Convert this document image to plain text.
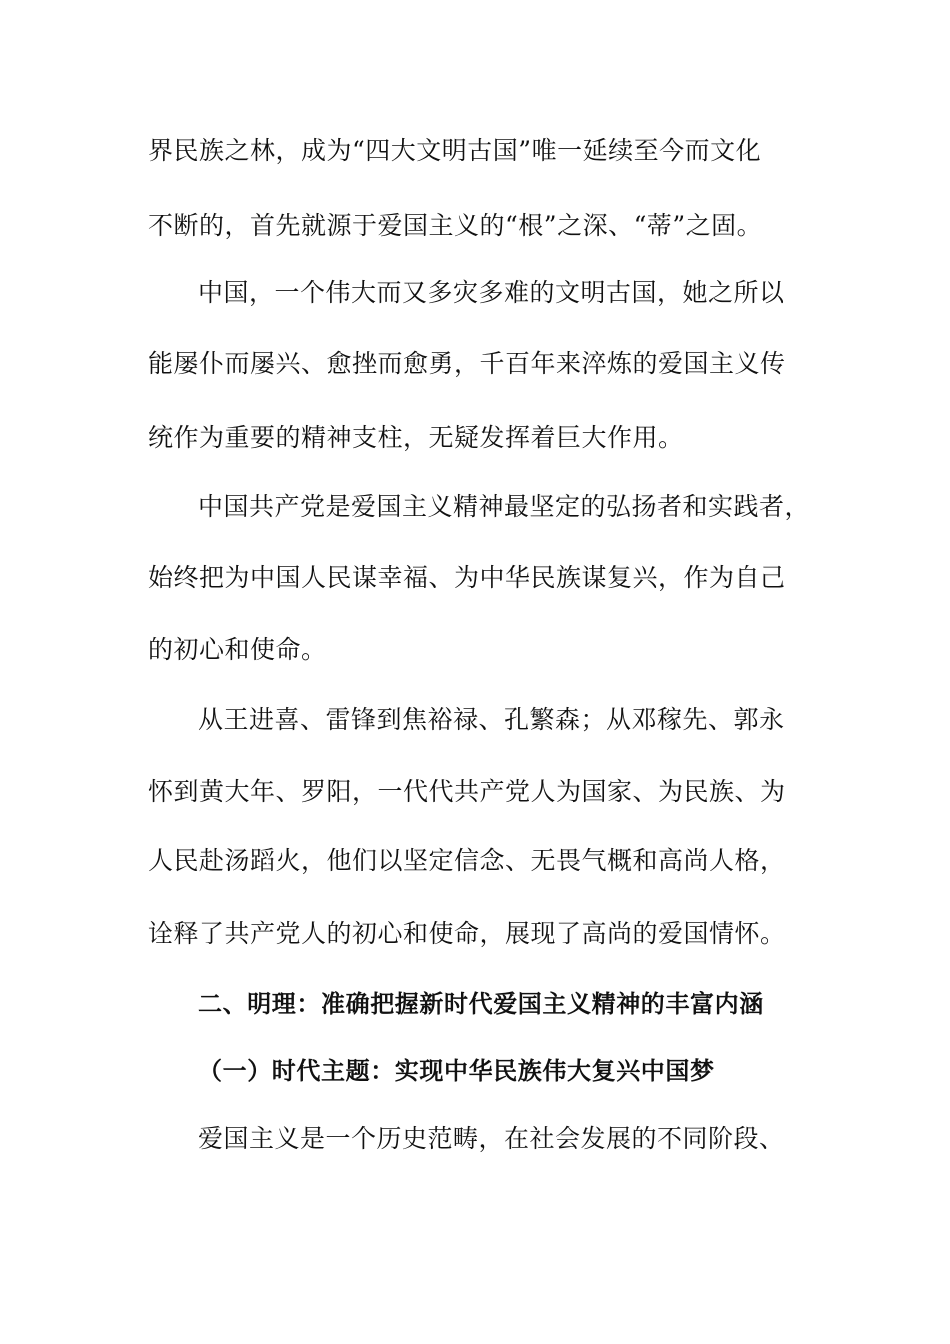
界民族之林，成为“四大文明古国”唯一延续至今而文化
不断的，首先就源于爱国主义的“根”之深、“蒂”之固。
中国，一个伟大而又多灾多难的文明古国，她之所以
能屡仆而屡兴、愈挫而愈勇，千百年来淬炼的爱国主义传
统作为重要的精神支柱，无疑发挥着巨大作用。
中国共产党是爱国主义精神最坚定的弘扬者和实践者，
始终把为中国人民谋幸福、为中华民族谋复兴，作为自己
的初心和使命。
从王进喜、雷锋到焦裕禄、孔繁森；从邓稼先、郭永
怀到黄大年、罗阳，一代代共产党人为国家、为民族、为
人民赴汤蹈火，他们以坚定信念、无畏气概和高尚人格，
诠释了共产党人的初心和使命，展现了高尚的爱国情怀。
二、明理：准确把握新时代爱国主义精神的丰富内涵
（一）时代主题：实现中华民族伟大复兴中国梦
爱国主义是一个历史范畴，在社会发展的不同阶段、
